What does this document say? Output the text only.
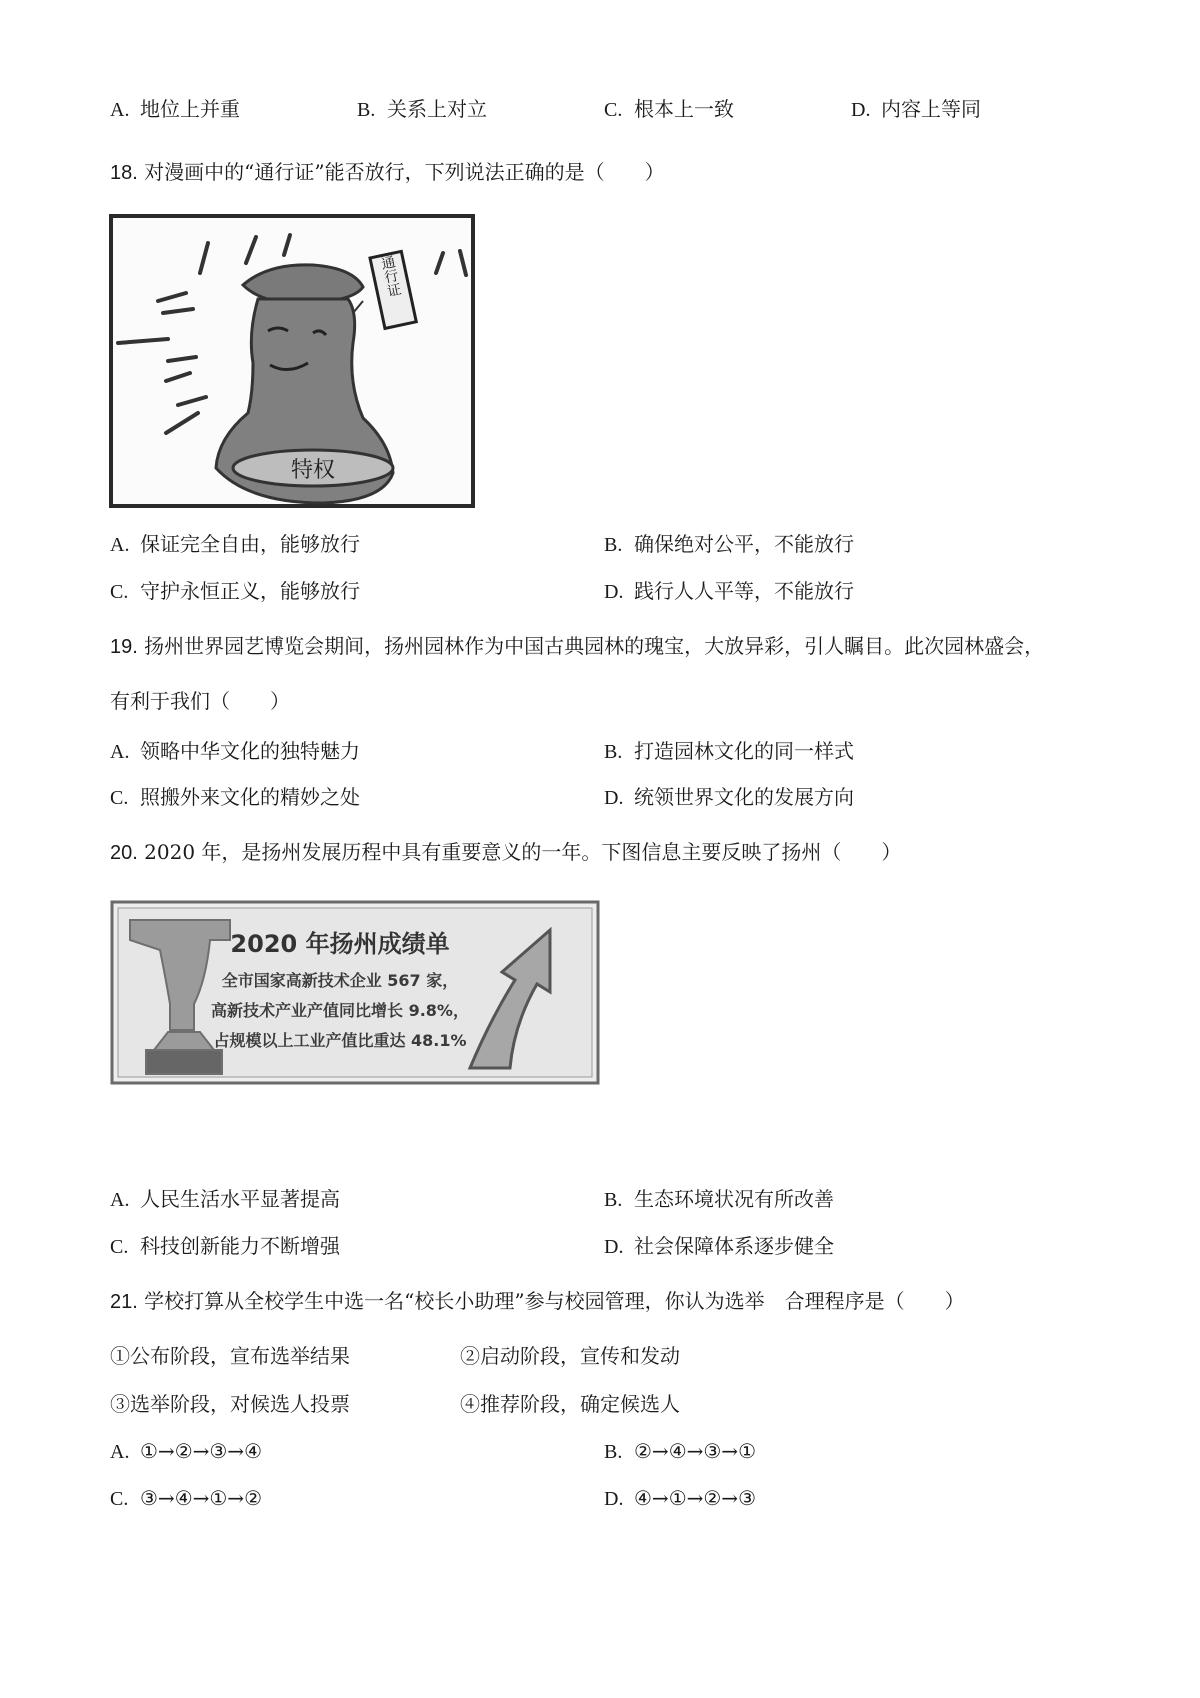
A. 地位上并重	B. 关系上对立	C. 根本上一致	D. 内容上等同
18. 对漫画中的“通行证”能否放行，下列说法正确的是（　　）
特权
通行证
A. 保证完全自由，能够放行	B. 确保绝对公平，不能放行
C. 守护永恒正义，能够放行	D. 践行人人平等，不能放行
19. 扬州世界园艺博览会期间，扬州园林作为中国古典园林的瑰宝，大放异彩，引人瞩目。此次园林盛会，
有利于我们（　　）
A. 领略中华文化的独特魅力	B. 打造园林文化的同一样式
C. 照搬外来文化的精妙之处	D. 统领世界文化的发展方向
20. 2020 年，是扬州发展历程中具有重要意义的一年。下图信息主要反映了扬州（　　）
2020 年扬州成绩单
全市国家高新技术企业 567 家，
高新技术产业产值同比增长 9.8%，
占规模以上工业产值比重达 48.1%
A. 人民生活水平显著提高	B. 生态环境状况有所改善
C. 科技创新能力不断增强	D. 社会保障体系逐步健全
21. 学校打算从全校学生中选一名“校长小助理”参与校园管理，你认为选举　合理程序是（　　）
①公布阶段，宣布选举结果	②启动阶段，宣传和发动
③选举阶段，对候选人投票	④推荐阶段，确定候选人
A. ①→②→③→④	B. ②→④→③→①
C. ③→④→①→②	D. ④→①→②→③
